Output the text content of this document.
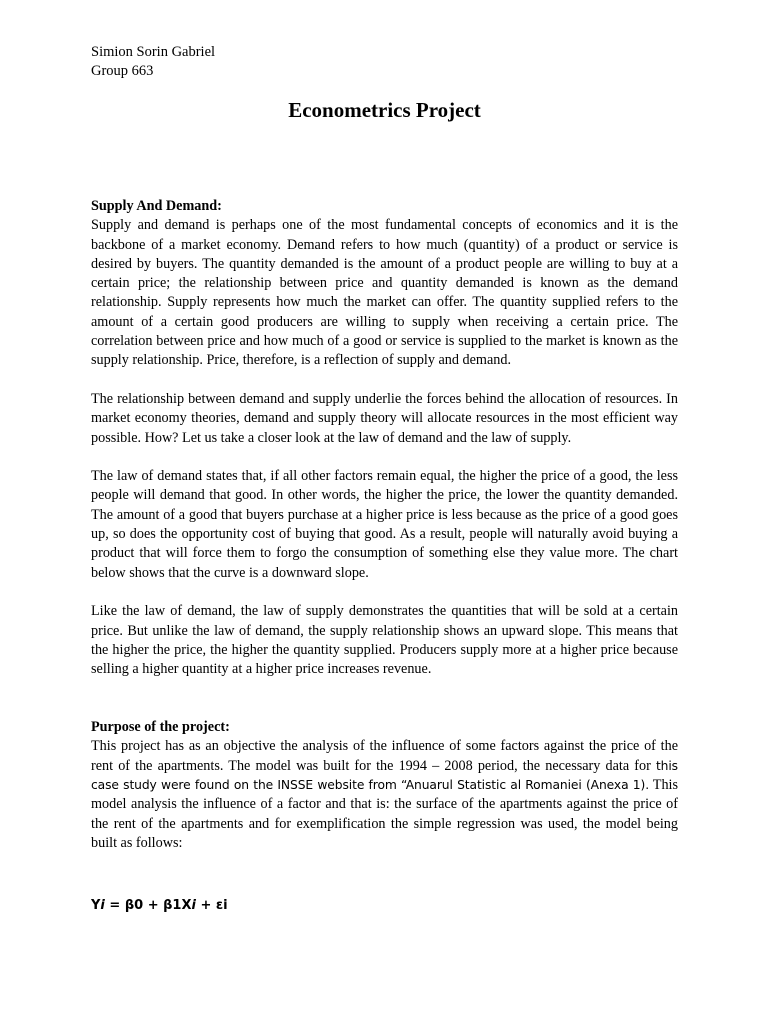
Simion Sorin Gabriel
Group 663
Econometrics Project

Supply And Demand:

Supply and demand is perhaps one of the most fundamental concepts of economics and it is the backbone of a market economy. Demand refers to how much (quantity) of a product or service is desired by buyers. The quantity demanded is the amount of a product people are willing to buy at a certain price; the relationship between price and quantity demanded is known as the demand relationship. Supply represents how much the market can offer. The quantity supplied refers to the amount of a certain good producers are willing to supply when receiving a certain price. The correlation between price and how much of a good or service is supplied to the market is known as the supply relationship. Price, therefore, is a reflection of supply and demand.

The relationship between demand and supply underlie the forces behind the allocation of resources. In market economy theories, demand and supply theory will allocate resources in the most efficient way possible. How? Let us take a closer look at the law of demand and the law of supply.

The law of demand states that, if all other factors remain equal, the higher the price of a good, the less people will demand that good. In other words, the higher the price, the lower the quantity demanded. The amount of a good that buyers purchase at a higher price is less because as the price of a good goes up, so does the opportunity cost of buying that good. As a result, people will naturally avoid buying a product that will force them to forgo the consumption of something else they value more. The chart below shows that the curve is a downward slope.

Like the law of demand, the law of supply demonstrates the quantities that will be sold at a certain price. But unlike the law of demand, the supply relationship shows an upward slope. This means that the higher the price, the higher the quantity supplied. Producers supply more at a higher price because selling a higher quantity at a higher price increases revenue.

Purpose of the project:

This project has as an objective the analysis of the influence of some factors against the price of the rent of the apartments. The model was built for the 1994 – 2008 period, the necessary data for this case study were found on the INSSE website from “Anuarul Statistic al Romaniei (Anexa 1). This model analysis the influence of a factor and that is: the surface of the apartments against the price of the rent of the apartments and for exemplification the simple regression was used, the model being built as follows:

Yi = β0 + β1Xi + εi
